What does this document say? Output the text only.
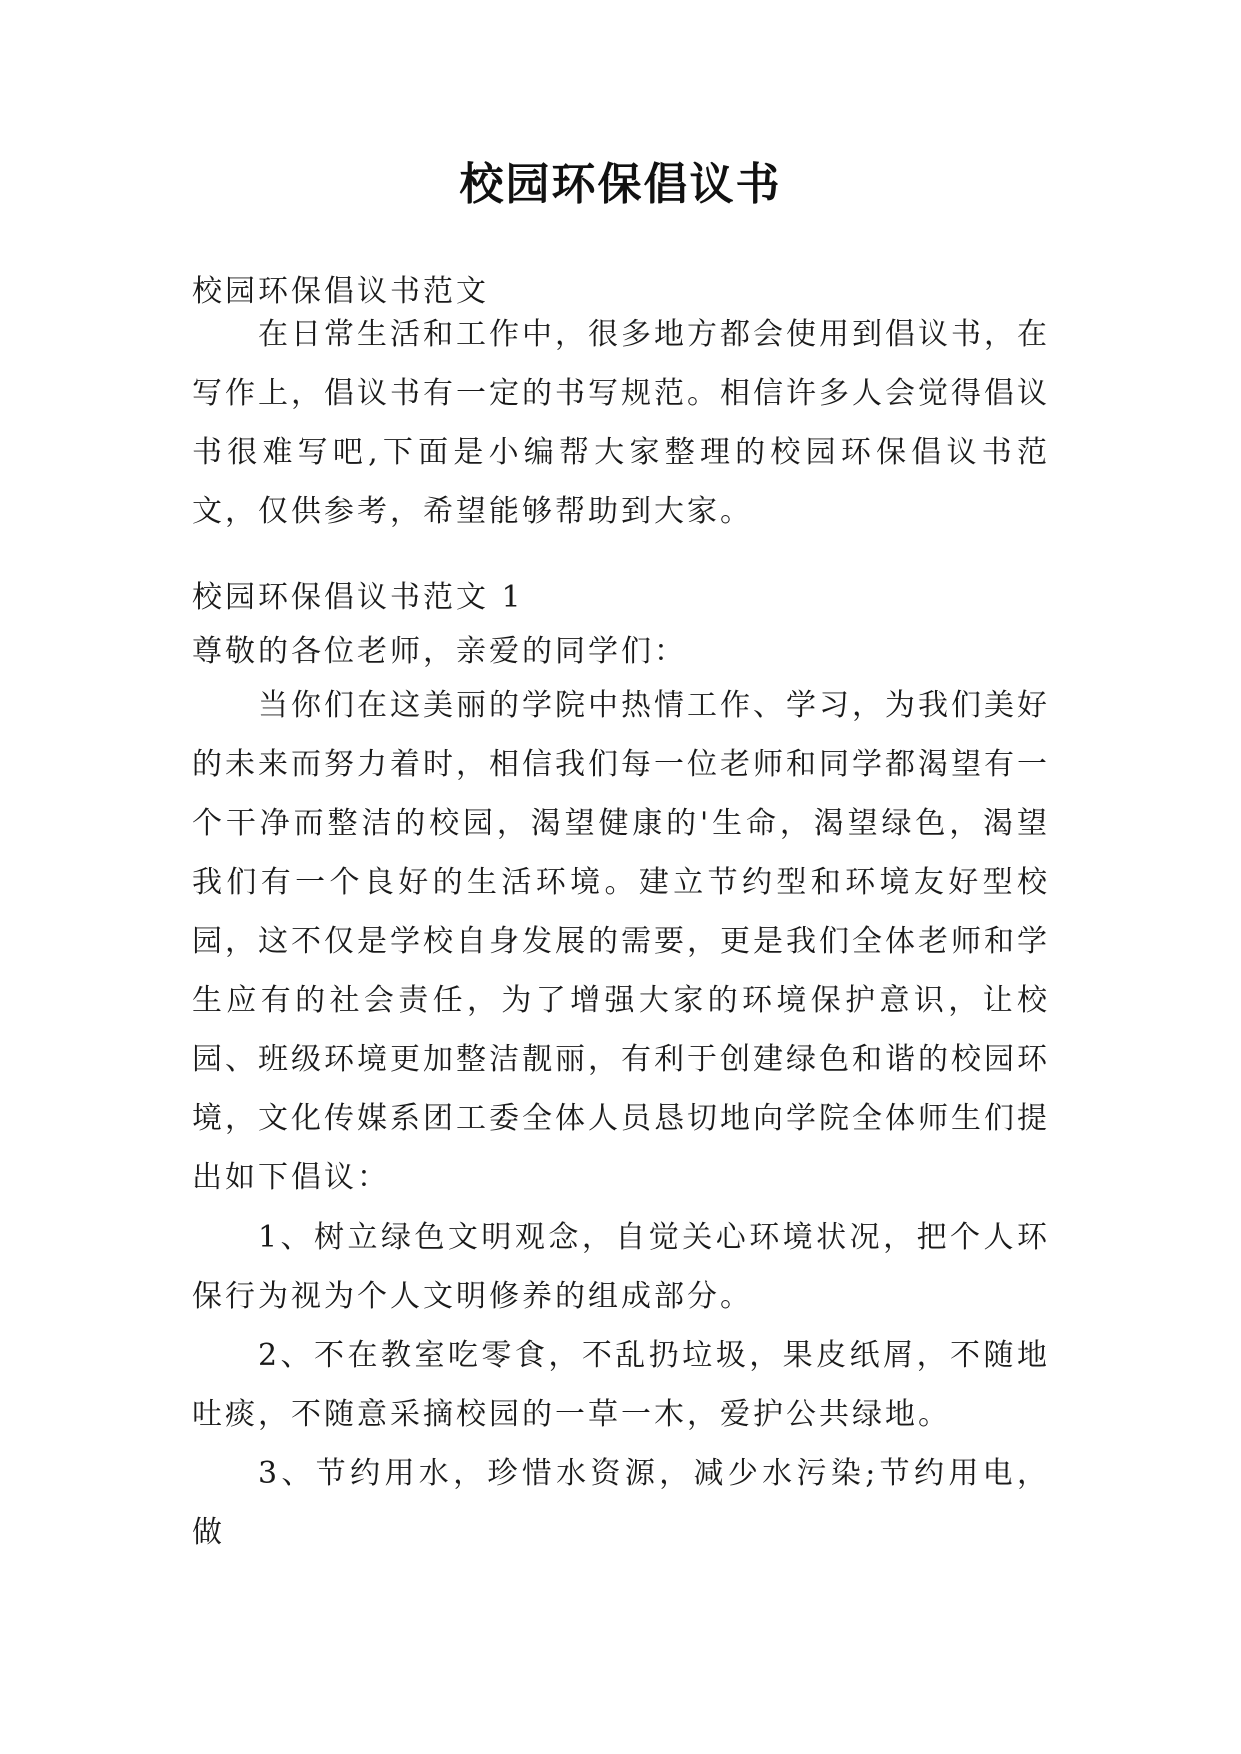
校园环保倡议书

校园环保倡议书范文

在日常生活和工作中，很多地方都会使用到倡议书，在写作上，倡议书有一定的书写规范。相信许多人会觉得倡议书很难写吧,下面是小编帮大家整理的校园环保倡议书范文，仅供参考，希望能够帮助到大家。

校园环保倡议书范文 1

尊敬的各位老师，亲爱的同学们：

当你们在这美丽的学院中热情工作、学习，为我们美好的未来而努力着时，相信我们每一位老师和同学都渴望有一个干净而整洁的校园，渴望健康的'生命，渴望绿色，渴望我们有一个良好的生活环境。建立节约型和环境友好型校园，这不仅是学校自身发展的需要，更是我们全体老师和学生应有的社会责任，为了增强大家的环境保护意识，让校园、班级环境更加整洁靓丽，有利于创建绿色和谐的校园环境，文化传媒系团工委全体人员恳切地向学院全体师生们提出如下倡议：

1、树立绿色文明观念，自觉关心环境状况，把个人环保行为视为个人文明修养的组成部分。

2、不在教室吃零食，不乱扔垃圾，果皮纸屑，不随地吐痰，不随意采摘校园的一草一木，爱护公共绿地。

3、节约用水，珍惜水资源，减少水污染;节约用电，做
